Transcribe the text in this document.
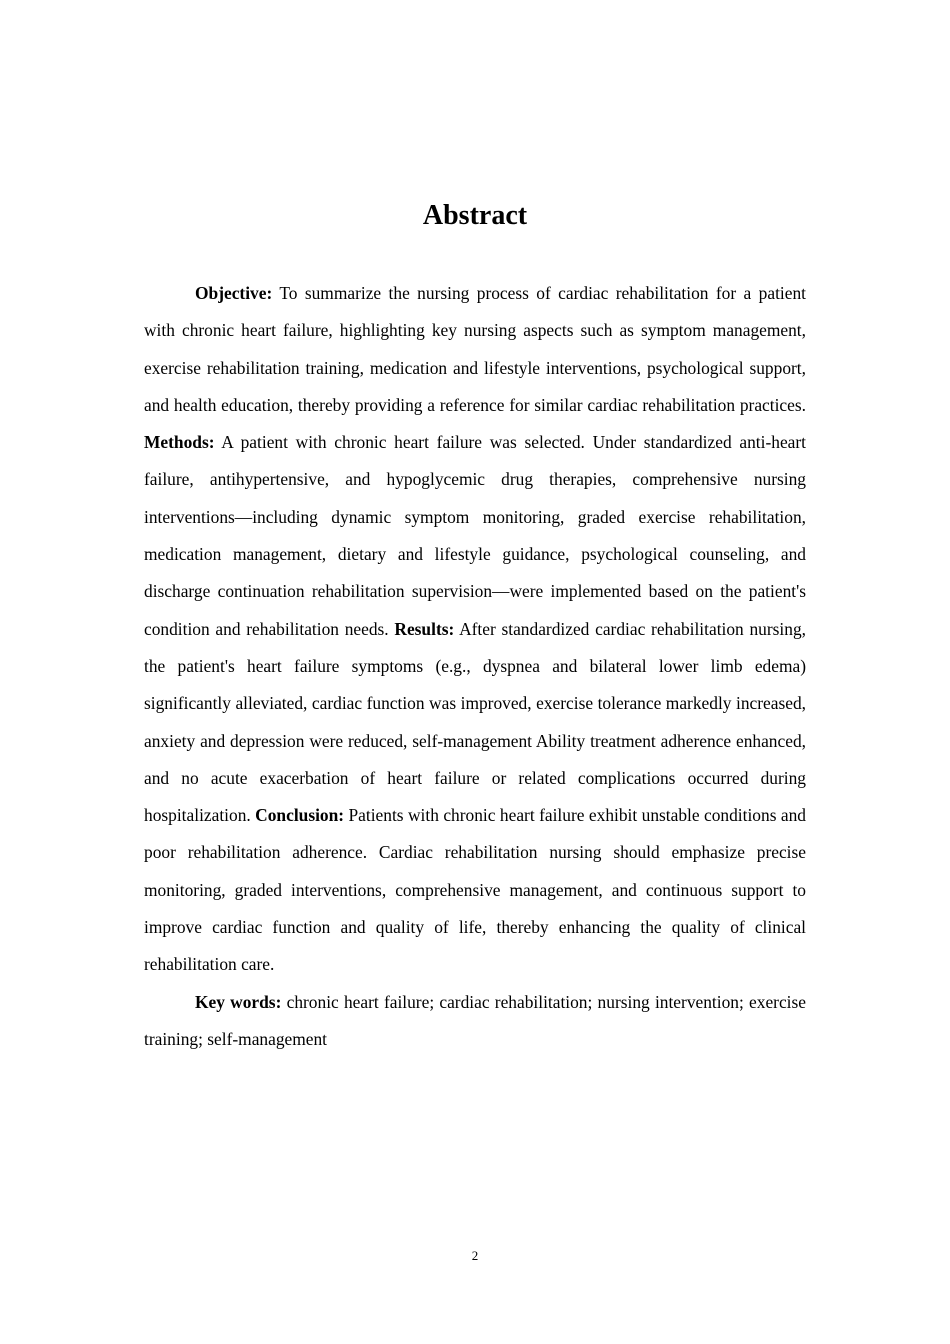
Abstract

Objective: To summarize the nursing process of cardiac rehabilitation for a patient with chronic heart failure, highlighting key nursing aspects such as symptom management, exercise rehabilitation training, medication and lifestyle interventions, psychological support, and health education, thereby providing a reference for similar cardiac rehabilitation practices. Methods: A patient with chronic heart failure was selected. Under standardized anti-heart failure, antihypertensive, and hypoglycemic drug therapies, comprehensive nursing interventions—including dynamic symptom monitoring, graded exercise rehabilitation, medication management, dietary and lifestyle guidance, psychological counseling, and discharge continuation rehabilitation supervision—were implemented based on the patient's condition and rehabilitation needs. Results: After standardized cardiac rehabilitation nursing, the patient's heart failure symptoms (e.g., dyspnea and bilateral lower limb edema) significantly alleviated, cardiac function was improved, exercise tolerance markedly increased, anxiety and depression were reduced, self-management Ability treatment adherence enhanced, and no acute exacerbation of heart failure or related complications occurred during hospitalization. Conclusion: Patients with chronic heart failure exhibit unstable conditions and poor rehabilitation adherence. Cardiac rehabilitation nursing should emphasize precise monitoring, graded interventions, comprehensive management, and continuous support to improve cardiac function and quality of life, thereby enhancing the quality of clinical rehabilitation care.

Key words: chronic heart failure; cardiac rehabilitation; nursing intervention; exercise training; self-management

2
